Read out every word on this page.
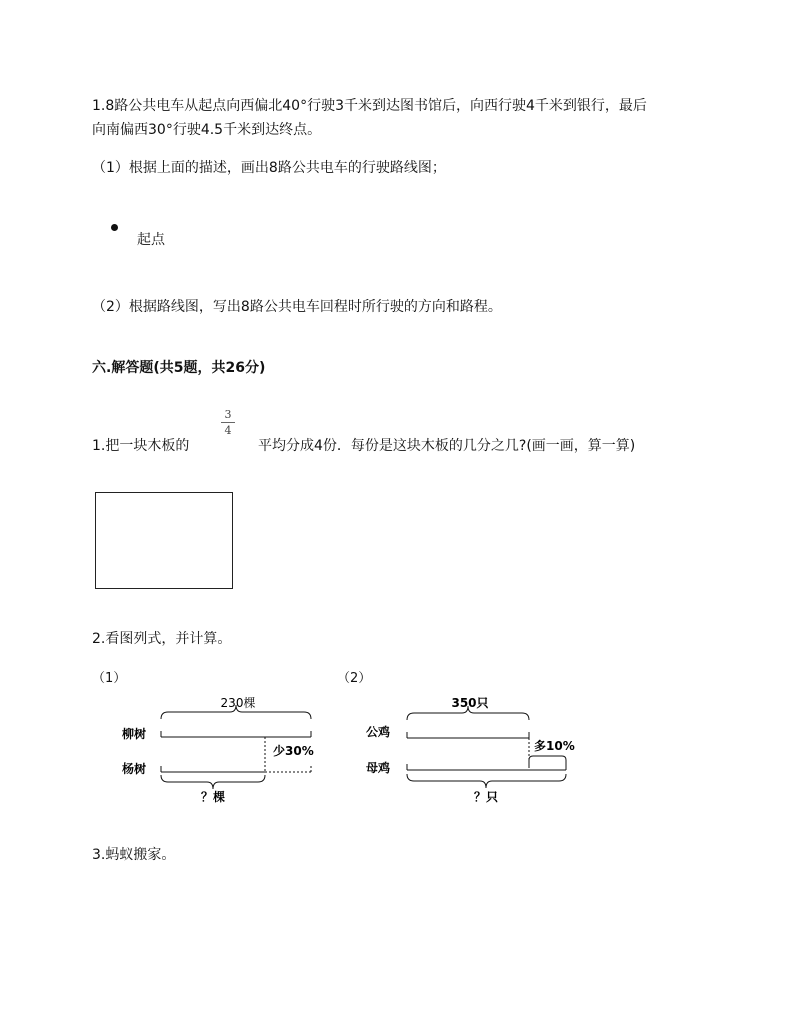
1.8路公共电车从起点向西偏北40°行驶3千米到达图书馆后，向西行驶4千米到银行，最后
向南偏西30°行驶4.5千米到达终点。
（1）根据上面的描述，画出8路公共电车的行驶路线图；
起点
（2）根据路线图，写出8路公共电车回程时所行驶的方向和路程。
六.解答题(共5题，共26分)
1.把一块木板的
3
4
平均分成4份．每份是这块木板的几分之几?(画一画，算一算)
2.看图列式，并计算。
（1）	（2）
230棵
柳树
少30%
杨树
？棵
350只
公鸡
多10%
母鸡
？只
3.蚂蚁搬家。
